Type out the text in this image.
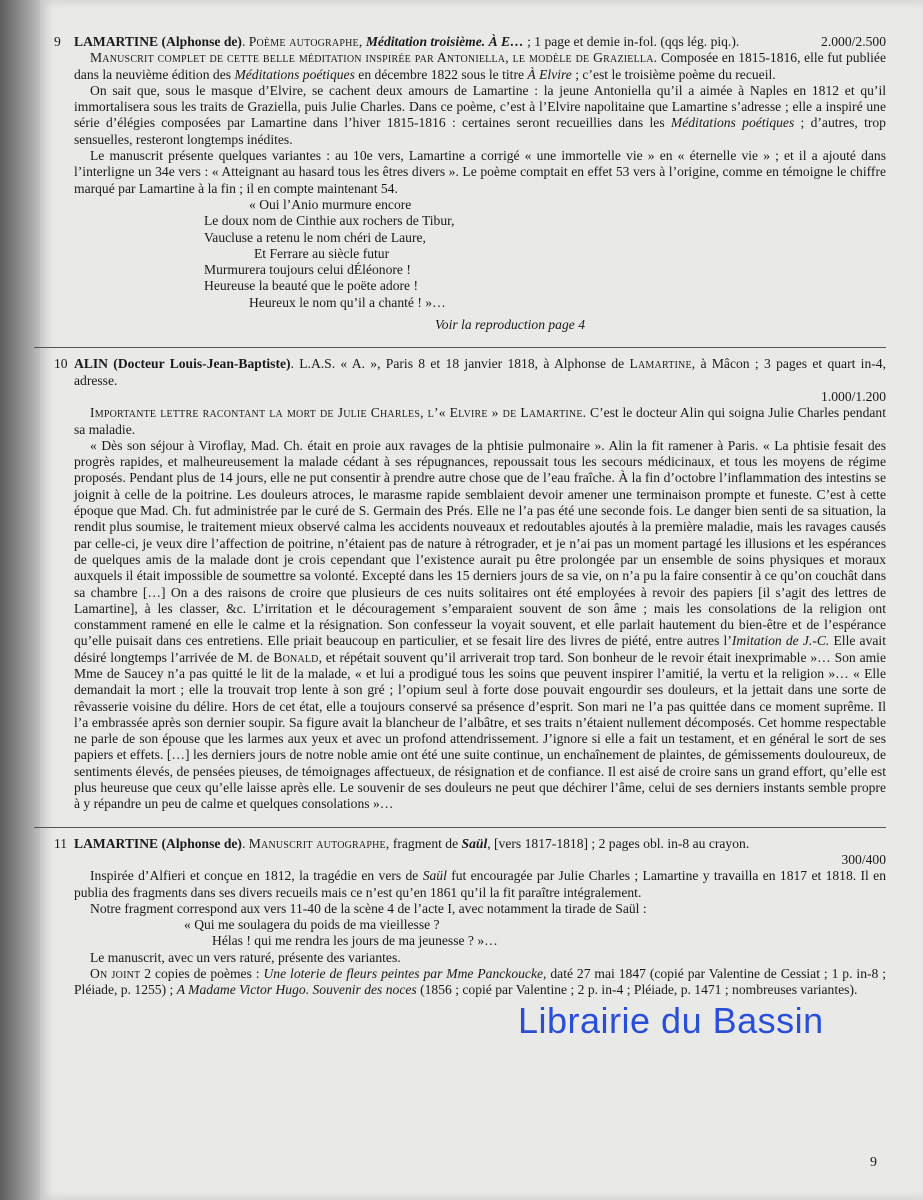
9	2.000/2.500
LAMARTINE (Alphonse de). Poème autographe, Méditation troisième. À E… ; 1 page et demie in-fol. (qqs lég. piq.).

Manuscrit complet de cette belle méditation inspirée par Antoniella, le modèle de Graziella. Composée en 1815-1816, elle fut publiée dans la neuvième édition des Méditations poétiques en décembre 1822 sous le titre À Elvire ; c’est le troisième poème du recueil.

On sait que, sous le masque d’Elvire, se cachent deux amours de Lamartine : la jeune Antoniella qu’il a aimée à Naples en 1812 et qu’il immortalisera sous les traits de Graziella, puis Julie Charles. Dans ce poème, c’est à l’Elvire napolitaine que Lamartine s’adresse ; elle a inspiré une série d’élégies composées par Lamartine dans l’hiver 1815-1816 : certaines seront recueillies dans les Méditations poétiques ; d’autres, trop sensuelles, resteront longtemps inédites.

Le manuscrit présente quelques variantes : au 10e vers, Lamartine a corrigé « une immortelle vie » en « éternelle vie » ; et il a ajouté dans l’interligne un 34e vers : « Atteignant au hasard tous les êtres divers ». Le poème comptait en effet 53 vers à l’origine, comme en témoigne le chiffre marqué par Lamartine à la fin ; il en compte maintenant 54.

« Oui l’Anio murmure encore
Le doux nom de Cinthie aux rochers de Tibur,
Vaucluse a retenu le nom chéri de Laure,
Et Ferrare au siècle futur
Murmurera toujours celui dÉléonore !
Heureuse la beauté que le poëte adore !
Heureux le nom qu’il a chanté ! »…
Voir la reproduction page 4
10 ALIN (Docteur Louis-Jean-Baptiste). L.A.S. « A. », Paris 8 et 18 janvier 1818, à Alphonse de Lamartine, à Mâcon ; 3 pages et quart in-4, adresse.
1.000/1.200

Importante lettre racontant la mort de Julie Charles, l’« Elvire » de Lamartine. C’est le docteur Alin qui soigna Julie Charles pendant sa maladie.

« Dès son séjour à Viroflay, Mad. Ch. était en proie aux ravages de la phtisie pulmonaire ». Alin la fit ramener à Paris. « La phtisie fesait des progrès rapides, et malheureusement la malade cédant à ses répugnances, repoussait tous les secours médicinaux, et tous les moyens de régime proposés. Pendant plus de 14 jours, elle ne put consentir à prendre autre chose que de l’eau fraîche. À la fin d’octobre l’inflammation des intestins se joignit à celle de la poitrine. Les douleurs atroces, le marasme rapide semblaient devoir amener une terminaison prompte et funeste. C’est à cette époque que Mad. Ch. fut administrée par le curé de S. Germain des Prés. Elle ne l’a pas été une seconde fois. Le danger bien senti de sa situation, la rendit plus soumise, le traitement mieux observé calma les accidents nouveaux et redoutables ajoutés à la première maladie, mais les ravages causés par celle-ci, je veux dire l’affection de poitrine, n’étaient pas de nature à rétrograder, et je n’ai pas un moment partagé les illusions et les espérances de quelques amis de la malade dont je crois cependant que l’existence aurait pu être prolongée par un ensemble de soins physiques et moraux auxquels il était impossible de soumettre sa volonté. Excepté dans les 15 derniers jours de sa vie, on n’a pu la faire consentir à ce qu’on couchât dans sa chambre […] On a des raisons de croire que plusieurs de ces nuits solitaires ont été employées à revoir des papiers [il s’agit des lettres de Lamartine], à les classer, &c. L’irritation et le découragement s’emparaient souvent de son âme ; mais les consolations de la religion ont constamment ramené en elle le calme et la résignation. Son confesseur la voyait souvent, et elle parlait hautement du bien-être et de l’espérance qu’elle puisait dans ces entretiens. Elle priait beaucoup en particulier, et se fesait lire des livres de piété, entre autres l’Imitation de J.-C. Elle avait désiré longtemps l’arrivée de M. de Bonald, et répétait souvent qu’il arriverait trop tard. Son bonheur de le revoir était inexprimable »… Son amie Mme de Saucey n’a pas quitté le lit de la malade, « et lui a prodigué tous les soins que peuvent inspirer l’amitié, la vertu et la religion »… « Elle demandait la mort ; elle la trouvait trop lente à son gré ; l’opium seul à forte dose pouvait engourdir ses douleurs, et la jettait dans une sorte de rêvasserie voisine du délire. Hors de cet état, elle a toujours conservé sa présence d’esprit. Son mari ne l’a pas quittée dans ce moment suprême. Il l’a embrassée après son dernier soupir. Sa figure avait la blancheur de l’albâtre, et ses traits n’étaient nullement décomposés. Cet homme respectable ne parle de son épouse que les larmes aux yeux et avec un profond attendrissement. J’ignore si elle a fait un testament, et en général le sort de ses papiers et effets. […] les derniers jours de notre noble amie ont été une suite continue, un enchaînement de plaintes, de gémissements douloureux, de sentiments élevés, de pensées pieuses, de témoignages affectueux, de résignation et de confiance. Il est aisé de croire sans un grand effort, qu’elle est plus heureuse que ceux qu’elle laisse après elle. Le souvenir de ses douleurs ne peut que déchirer l’âme, celui de ses derniers instants semble propre à y répandre un peu de calme et quelques consolations »…

11 LAMARTINE (Alphonse de). Manuscrit autographe, fragment de Saül, [vers 1817-1818] ; 2 pages obl. in-8 au crayon.
300/400

Inspirée d’Alfieri et conçue en 1812, la tragédie en vers de Saül fut encouragée par Julie Charles ; Lamartine y travailla en 1817 et 1818. Il en publia des fragments dans ses divers recueils mais ce n’est qu’en 1861 qu’il la fit paraître intégralement.

Notre fragment correspond aux vers 11-40 de la scène 4 de l’acte I, avec notamment la tirade de Saül :

« Qui me soulagera du poids de ma vieillesse ?
Hélas ! qui me rendra les jours de ma jeunesse ? »…

Le manuscrit, avec un vers raturé, présente des variantes.

On joint 2 copies de poèmes : Une loterie de fleurs peintes par Mme Panckoucke, daté 27 mai 1847 (copié par Valentine de Cessiat ; 1 p. in-8 ; Pléiade, p. 1255) ; A Madame Victor Hugo. Souvenir des noces (1856 ; copié par Valentine ; 2 p. in-4 ; Pléiade, p. 1471 ; nombreuses variantes).

Librairie du Bassin
9
